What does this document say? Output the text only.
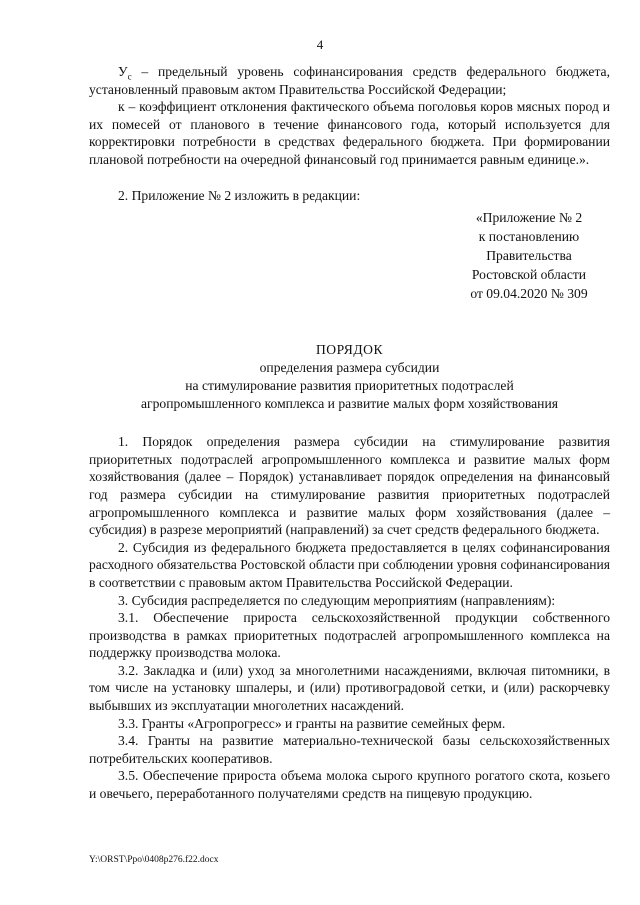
4

$У_c$ – предельный уровень софинансирования средств федерального бюджета, установленный правовым актом Правительства Российской Федерации;

к – коэффициент отклонения фактического объема поголовья коров мясных пород и их помесей от планового в течение финансового года, который используется для корректировки потребности в средствах федерального бюджета. При формировании плановой потребности на очередной финансовый год принимается равным единице.».

2. Приложение № 2 изложить в редакции:

«Приложение № 2
к постановлению
Правительства
Ростовской области
от 09.04.2020 № 309
ПОРЯДОК
определения размера субсидии
на стимулирование развития приоритетных подотраслей
агропромышленного комплекса и развитие малых форм хозяйствования

1. Порядок определения размера субсидии на стимулирование развития приоритетных подотраслей агропромышленного комплекса и развитие малых форм хозяйствования (далее – Порядок) устанавливает порядок определения на финансовый год размера субсидии на стимулирование развития приоритетных подотраслей агропромышленного комплекса и развитие малых форм хозяйствования (далее – субсидия) в разрезе мероприятий (направлений) за счет средств федерального бюджета.

2. Субсидия из федерального бюджета предоставляется в целях софинансирования расходного обязательства Ростовской области при соблюдении уровня софинансирования в соответствии с правовым актом Правительства Российской Федерации.

3. Субсидия распределяется по следующим мероприятиям (направлениям):

3.1. Обеспечение прироста сельскохозяйственной продукции собственного производства в рамках приоритетных подотраслей агропромышленного комплекса на поддержку производства молока.

3.2. Закладка и (или) уход за многолетними насаждениями, включая питомники, в том числе на установку шпалеры, и (или) противоградовой сетки, и (или) раскорчевку выбывших из эксплуатации многолетних насаждений.

3.3. Гранты «Агропрогресс» и гранты на развитие семейных ферм.

3.4. Гранты на развитие материально-технической базы сельскохозяйственных потребительских кооперативов.

3.5. Обеспечение прироста объема молока сырого крупного рогатого скота, козьего и овечьего, переработанного получателями средств на пищевую продукцию.

Y:\ORST\Ppo\0408p276.f22.docx
